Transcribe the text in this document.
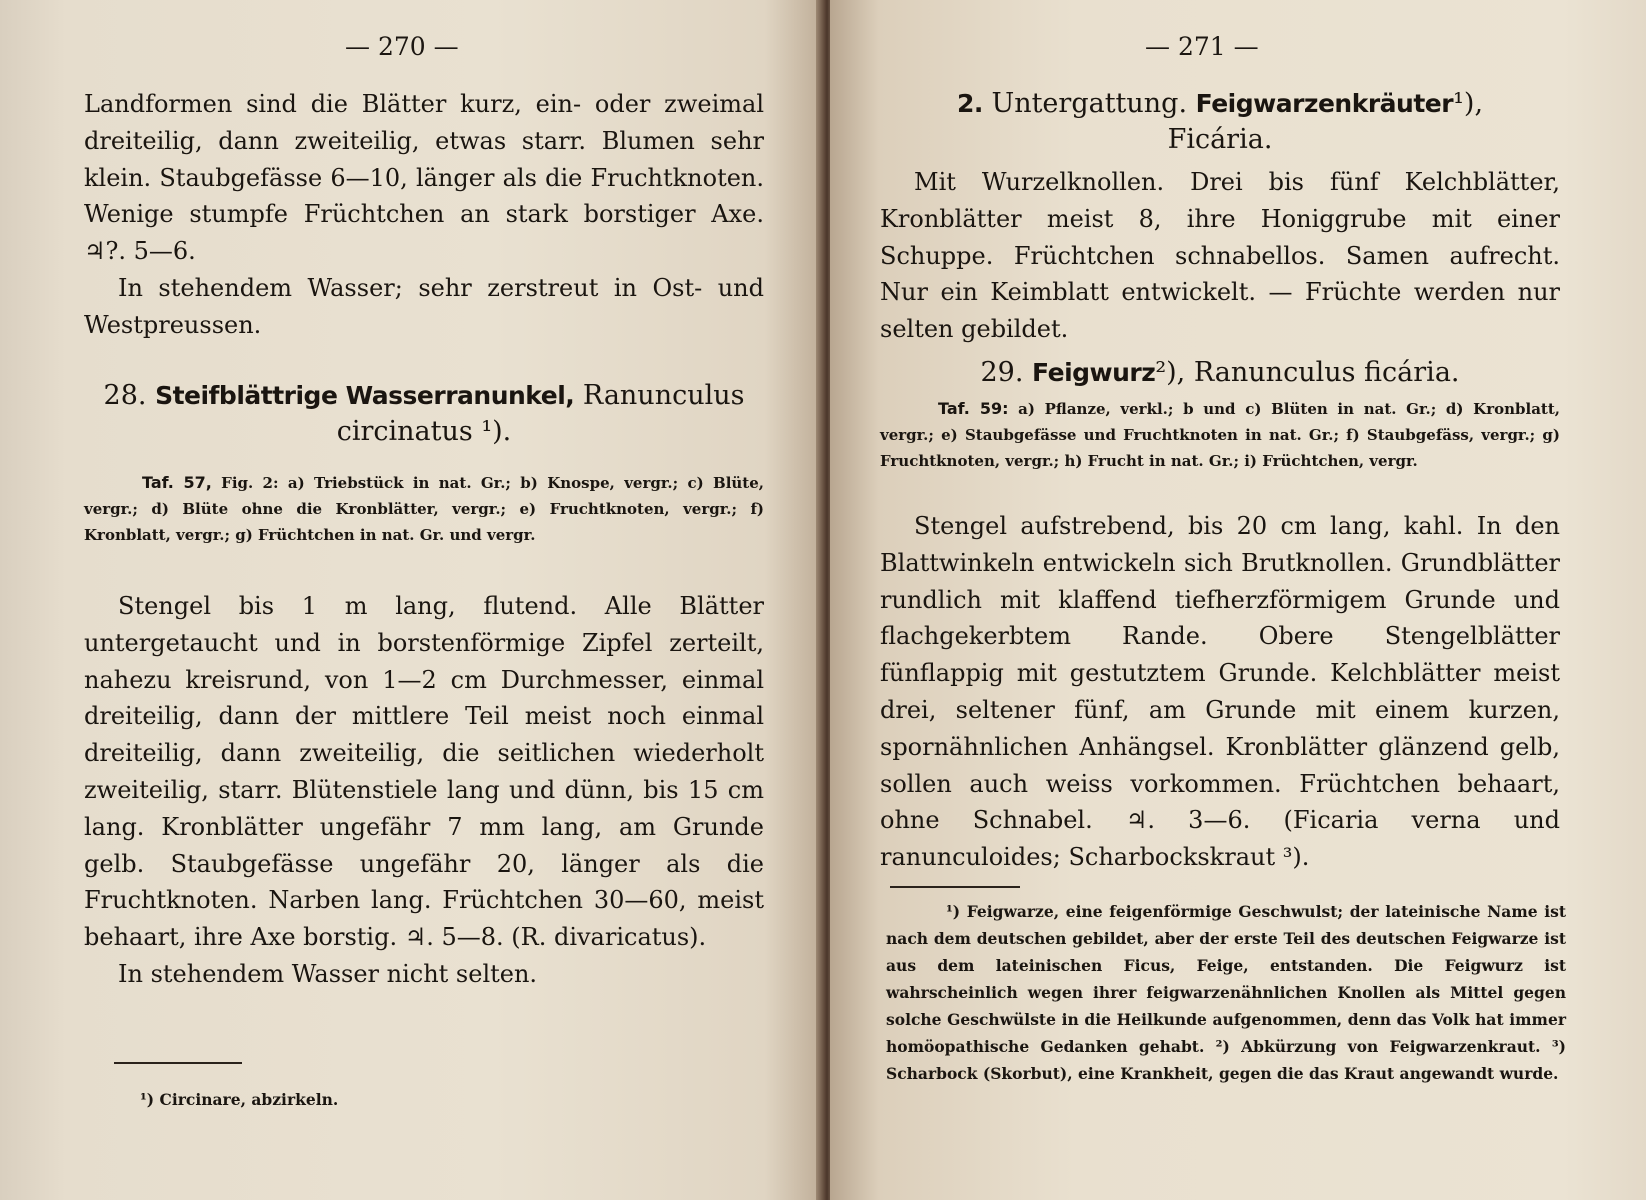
— 270 —

Landformen sind die Blätter kurz, ein- oder zweimal dreiteilig, dann zweiteilig, etwas starr. Blumen sehr klein. Staubgefässe 6—10, länger als die Fruchtknoten. Wenige stumpfe Früchtchen an stark borstiger Axe. ♃?. 5—6.

In stehendem Wasser; sehr zerstreut in Ost- und Westpreussen.

28. Steifblättrige Wasserranunkel, Ranunculus
circinatus ¹).
Taf. 57, Fig. 2: a) Triebstück in nat. Gr.; b) Knospe, vergr.; c) Blüte, vergr.; d) Blüte ohne die Kronblätter, vergr.; e) Fruchtknoten, vergr.; f) Kronblatt, vergr.; g) Früchtchen in nat. Gr. und vergr.

Stengel bis 1 m lang, flutend. Alle Blätter untergetaucht und in borstenförmige Zipfel zerteilt, nahezu kreisrund, von 1—2 cm Durchmesser, einmal dreiteilig, dann der mittlere Teil meist noch einmal dreiteilig, dann zweiteilig, die seitlichen wiederholt zweiteilig, starr. Blütenstiele lang und dünn, bis 15 cm lang. Kronblätter ungefähr 7 mm lang, am Grunde gelb. Staubgefässe ungefähr 20, länger als die Fruchtknoten. Narben lang. Früchtchen 30—60, meist behaart, ihre Axe borstig. ♃. 5—8. (R. divaricatus).

In stehendem Wasser nicht selten.

¹) Circinare, abzirkeln.
— 271 —
2. Untergattung. Feigwarzenkräuter¹),
Ficária.

Mit Wurzelknollen. Drei bis fünf Kelchblätter, Kronblätter meist 8, ihre Honiggrube mit einer Schuppe. Früchtchen schnabellos. Samen aufrecht. Nur ein Keimblatt entwickelt. — Früchte werden nur selten gebildet.

29. Feigwurz²), Ranunculus ficária.
Taf. 59: a) Pflanze, verkl.; b und c) Blüten in nat. Gr.; d) Kronblatt, vergr.; e) Staubgefässe und Fruchtknoten in nat. Gr.; f) Staubgefäss, vergr.; g) Fruchtknoten, vergr.; h) Frucht in nat. Gr.; i) Früchtchen, vergr.

Stengel aufstrebend, bis 20 cm lang, kahl. In den Blattwinkeln entwickeln sich Brutknollen. Grundblätter rundlich mit klaffend tiefherzförmigem Grunde und flachgekerbtem Rande. Obere Stengelblätter fünflappig mit gestutztem Grunde. Kelchblätter meist drei, seltener fünf, am Grunde mit einem kurzen, spornähnlichen Anhängsel. Kronblätter glänzend gelb, sollen auch weiss vorkommen. Früchtchen behaart, ohne Schnabel. ♃. 3—6. (Ficaria verna und ranunculoides; Scharbockskraut ³).

¹) Feigwarze, eine feigenförmige Geschwulst; der lateinische Name ist nach dem deutschen gebildet, aber der erste Teil des deutschen Feigwarze ist aus dem lateinischen Ficus, Feige, entstanden. Die Feigwurz ist wahrscheinlich wegen ihrer feigwarzenähnlichen Knollen als Mittel gegen solche Geschwülste in die Heilkunde aufgenommen, denn das Volk hat immer homöopathische Gedanken gehabt. ²) Abkürzung von Feigwarzenkraut. ³) Scharbock (Skorbut), eine Krankheit, gegen die das Kraut angewandt wurde.
